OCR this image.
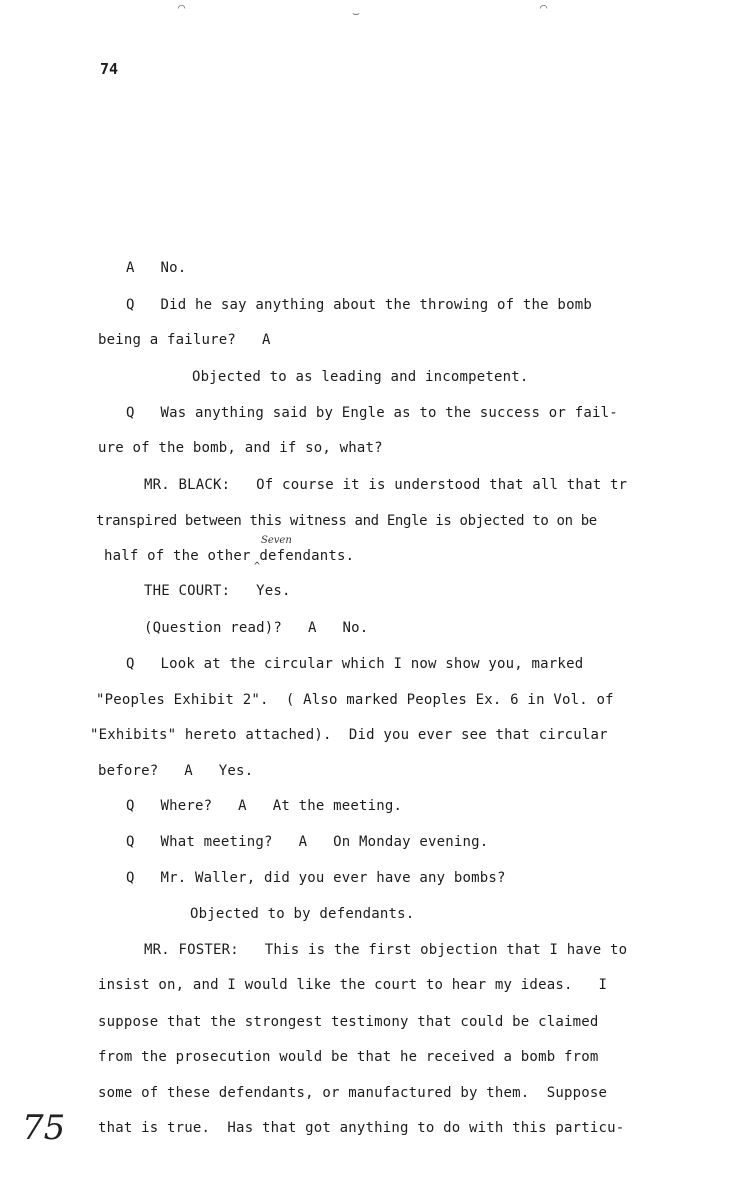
⌒	⌣	⌒
74
A   No.
Q   Did he say anything about the throwing of the bomb
being a failure?   A
Objected to as leading and incompetent.
Q   Was anything said by Engle as to the success or fail-
ure of the bomb, and if so, what?
MR. BLACK:   Of course it is understood that all that tr
transpired between this witness and Engle is objected to on be
half of the other defendants.
Seven
^
THE COURT:   Yes.
(Question read)?   A   No.
Q   Look at the circular which I now show you, marked
"Peoples Exhibit 2".  ( Also marked Peoples Ex. 6 in Vol. of
"Exhibits" hereto attached).  Did you ever see that circular
before?   A   Yes.
Q   Where?   A   At the meeting.
Q   What meeting?   A   On Monday evening.
Q   Mr. Waller, did you ever have any bombs?
Objected to by defendants.
MR. FOSTER:   This is the first objection that I have to
insist on, and I would like the court to hear my ideas.   I
suppose that the strongest testimony that could be claimed
from the prosecution would be that he received a bomb from
some of these defendants, or manufactured by them.  Suppose
that is true.  Has that got anything to do with this particu-
75
